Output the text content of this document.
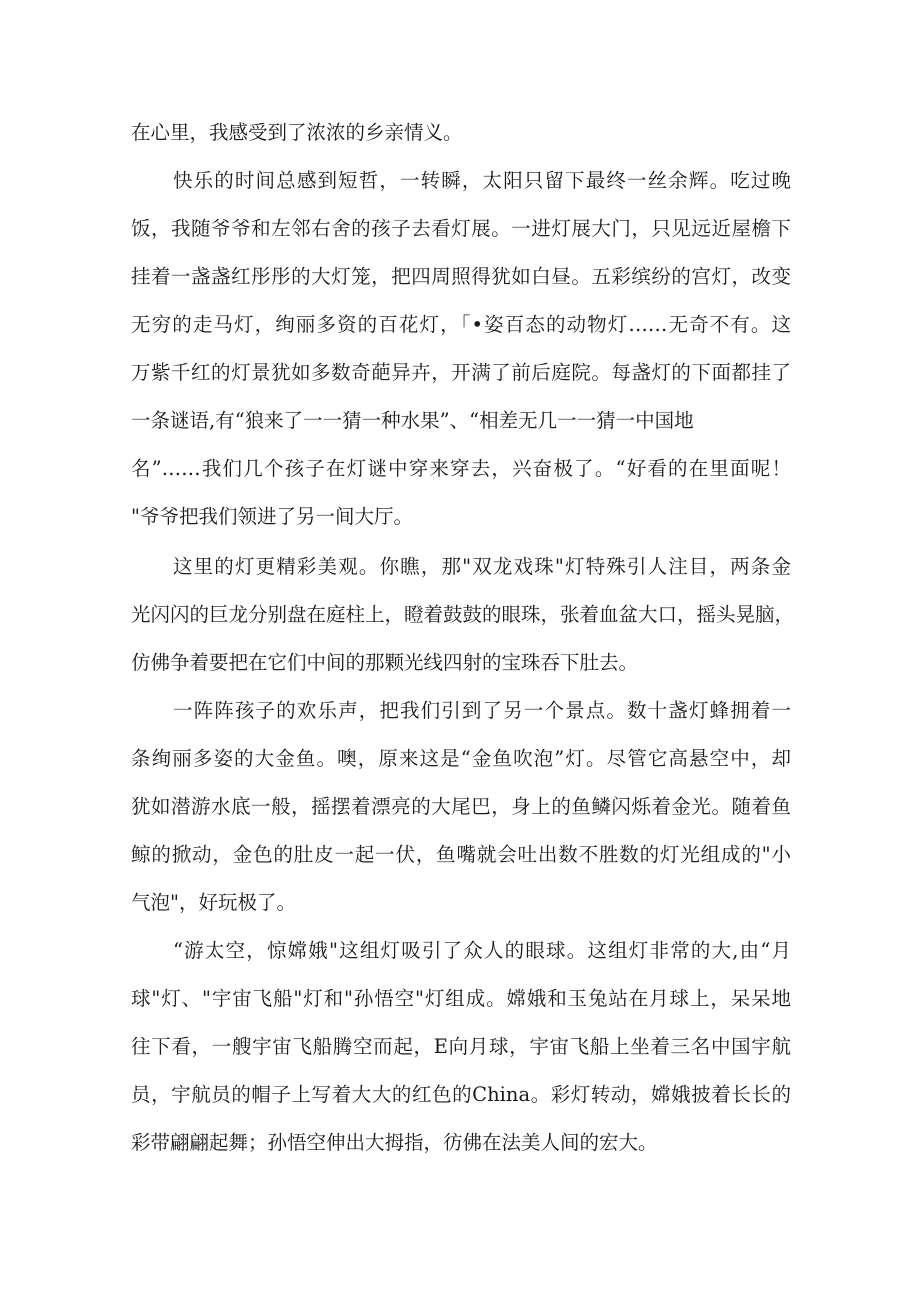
在心里，我感受到了浓浓的乡亲情义。
快乐的时间总感到短哲，一转瞬，太阳只留下最终一丝余辉。吃过晚
饭，我随爷爷和左邻右舍的孩子去看灯展。一进灯展大门，只见远近屋檐下
挂着一盏盏红彤彤的大灯笼，把四周照得犹如白昼。五彩缤纷的宫灯，改变
无穷的走马灯，绚丽多资的百花灯，「•姿百态的动物灯……无奇不有。这
万紫千红的灯景犹如多数奇葩异卉，开满了前后庭院。每盏灯的下面都挂了
一条谜语,有“狼来了一一猜一种水果”、“相差无几一一猜一中国地
名”……我们几个孩子在灯谜中穿来穿去，兴奋极了。“好看的在里面呢！
"爷爷把我们领进了另一间大厅。
这里的灯更精彩美观。你瞧，那"双龙戏珠"灯特殊引人注目，两条金
光闪闪的巨龙分别盘在庭柱上，瞪着鼓鼓的眼珠，张着血盆大口，摇头晃脑，
仿佛争着要把在它们中间的那颗光线四射的宝珠吞下肚去。
一阵阵孩子的欢乐声，把我们引到了另一个景点。数十盏灯蜂拥着一
条绚丽多姿的大金鱼。噢，原来这是“金鱼吹泡”灯。尽管它高悬空中，却
犹如潜游水底一般，摇摆着漂亮的大尾巴，身上的鱼鳞闪烁着金光。随着鱼
鲸的掀动，金色的肚皮一起一伏，鱼嘴就会吐出数不胜数的灯光组成的"小
气泡"，好玩极了。
“游太空，惊嫦娥"这组灯吸引了众人的眼球。这组灯非常的大,由“月
球"灯、"宇宙飞船"灯和"孙悟空"灯组成。嫦娥和玉兔站在月球上，呆呆地
往下看，一艘宇宙飞船腾空而起，E向月球，宇宙飞船上坐着三名中国宇航
员，宇航员的帽子上写着大大的红色的China。彩灯转动，嫦娥披着长长的
彩带翩翩起舞；孙悟空伸出大拇指，彷佛在法美人间的宏大。
